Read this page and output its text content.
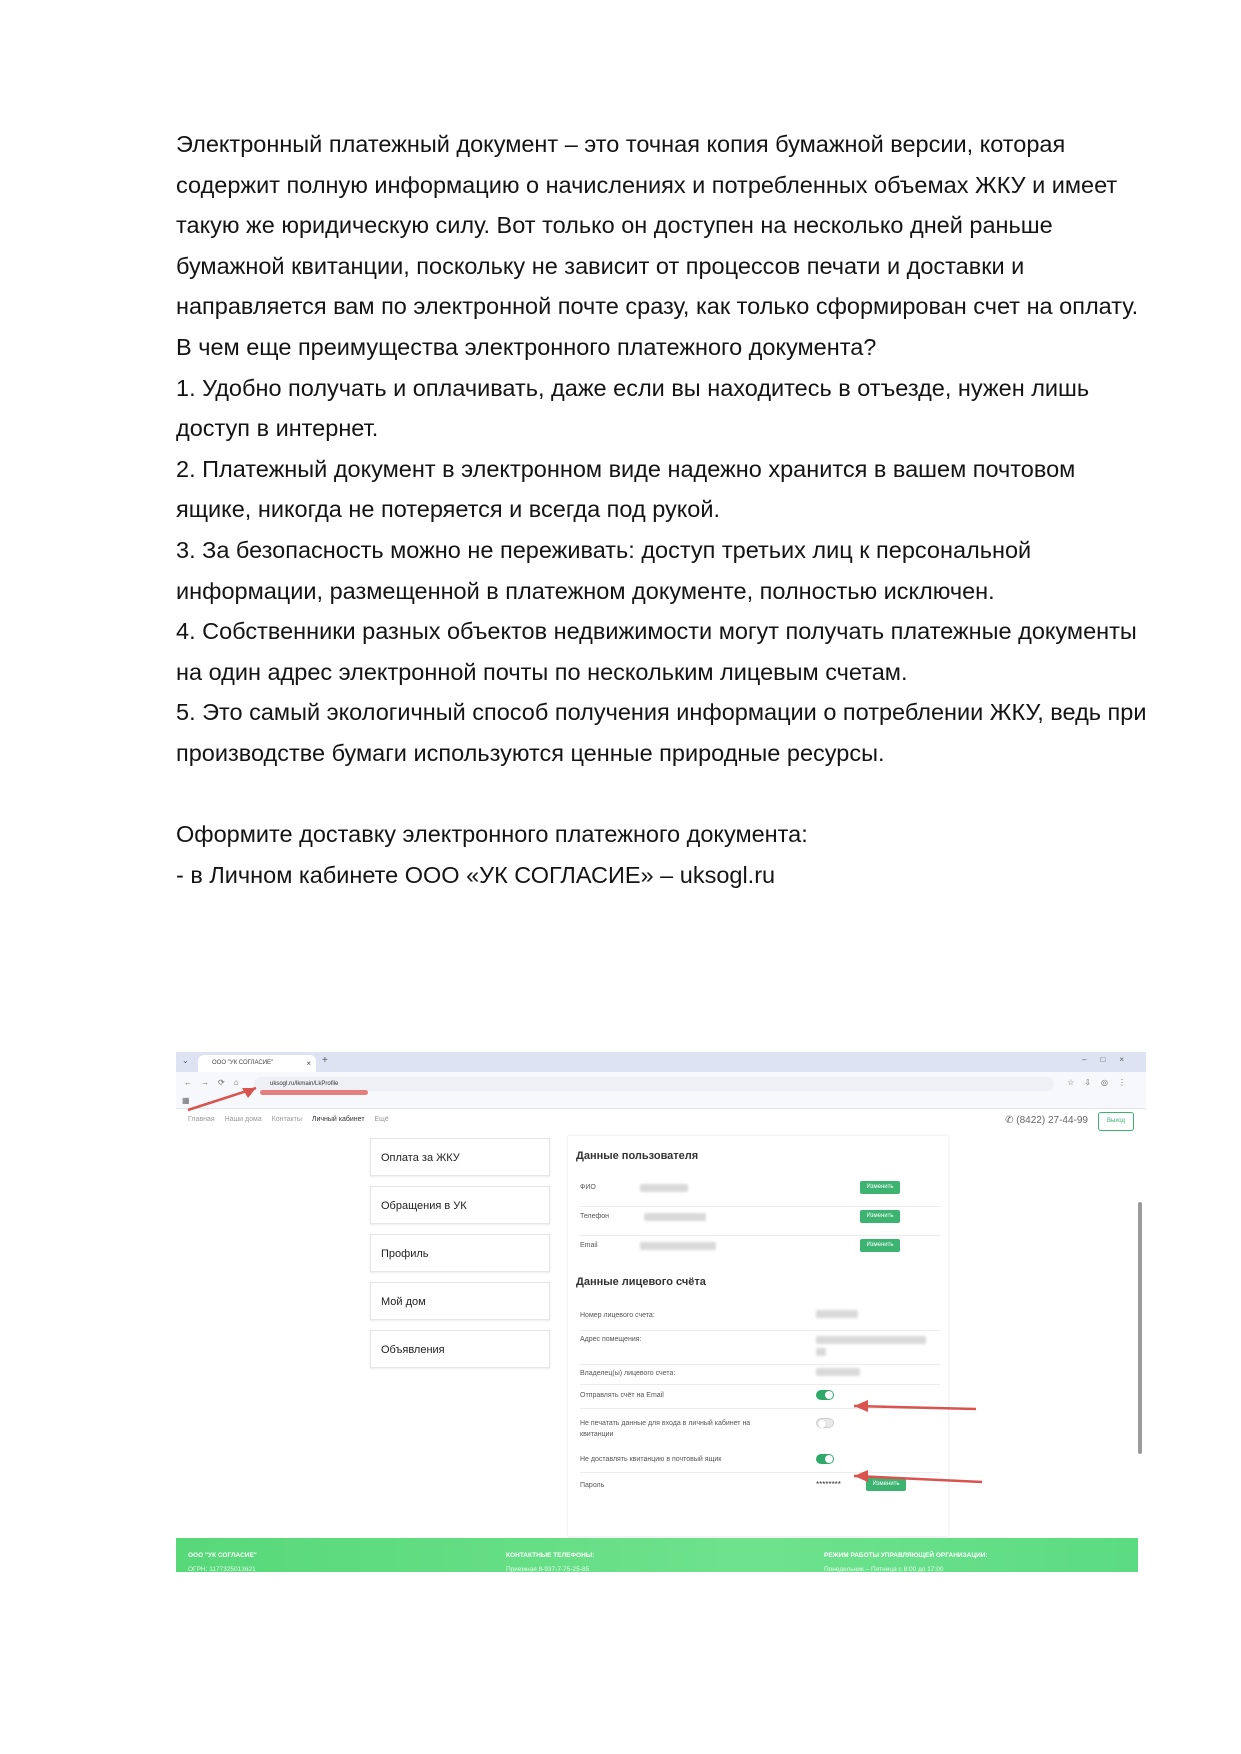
Электронный платежный документ – это точная копия бумажной версии, которая содержит полную информацию о начислениях и потребленных объемах ЖКУ и имеет такую же юридическую силу. Вот только он доступен на несколько дней раньше бумажной квитанции, поскольку не зависит от процессов печати и доставки и направляется вам по электронной почте сразу, как только сформирован счет на оплату.

В чем еще преимущества электронного платежного документа?

1. Удобно получать и оплачивать, даже если вы находитесь в отъезде, нужен лишь доступ в интернет.

2. Платежный документ в электронном виде надежно хранится в вашем почтовом ящике, никогда не потеряется и всегда под рукой.

3. За безопасность можно не переживать: доступ третьих лиц к персональной информации, размещенной в платежном документе, полностью исключен.

4. Собственники разных объектов недвижимости могут получать платежные документы на один адрес электронной почты по нескольким лицевым счетам.

5. Это самый экологичный способ получения информации о потреблении ЖКУ, ведь при производстве бумаги используются ценные природные ресурсы.

Оформите доставку электронного платежного документа:

- в Личном кабинете ООО «УК СОГЛАСИЕ» – uksogl.ru

⌄	ООО "УК СОГЛАСИЕ"	× +	–□×
←→⟳⌂	uksogl.ru/lkmain/LkProfile	☆⇩◎⋮
▦
Главная Наши дома Контакты Личный кабинет Ещё	✆ (8422) 27-44-99	Выход
Оплата за ЖКУ
Обращения в УК
Профиль
Мой дом
Объявления
Данные пользователя
ФИО	Изменить
Телефон	Изменить
Email	Изменить
Данные лицевого счёта
Номер лицевого счета:
Адрес помещения:
Владелец(ы) лицевого счета:
Отправлять счёт на Email
Не печатать данные для входа в личный кабинет на квитанции
Не доставлять квитанцию в почтовый ящик
Пароль	********	Изменить
ООО "УК СОГЛАСИЕ"
ОГРН: 1177325013621
КОНТАКТНЫЕ ТЕЛЕФОНЫ:
Приемная 8-937-7-75-25-85
РЕЖИМ РАБОТЫ УПРАВЛЯЮЩЕЙ ОРГАНИЗАЦИИ:
Понедельник – Пятница с 8:00 до 17:00
